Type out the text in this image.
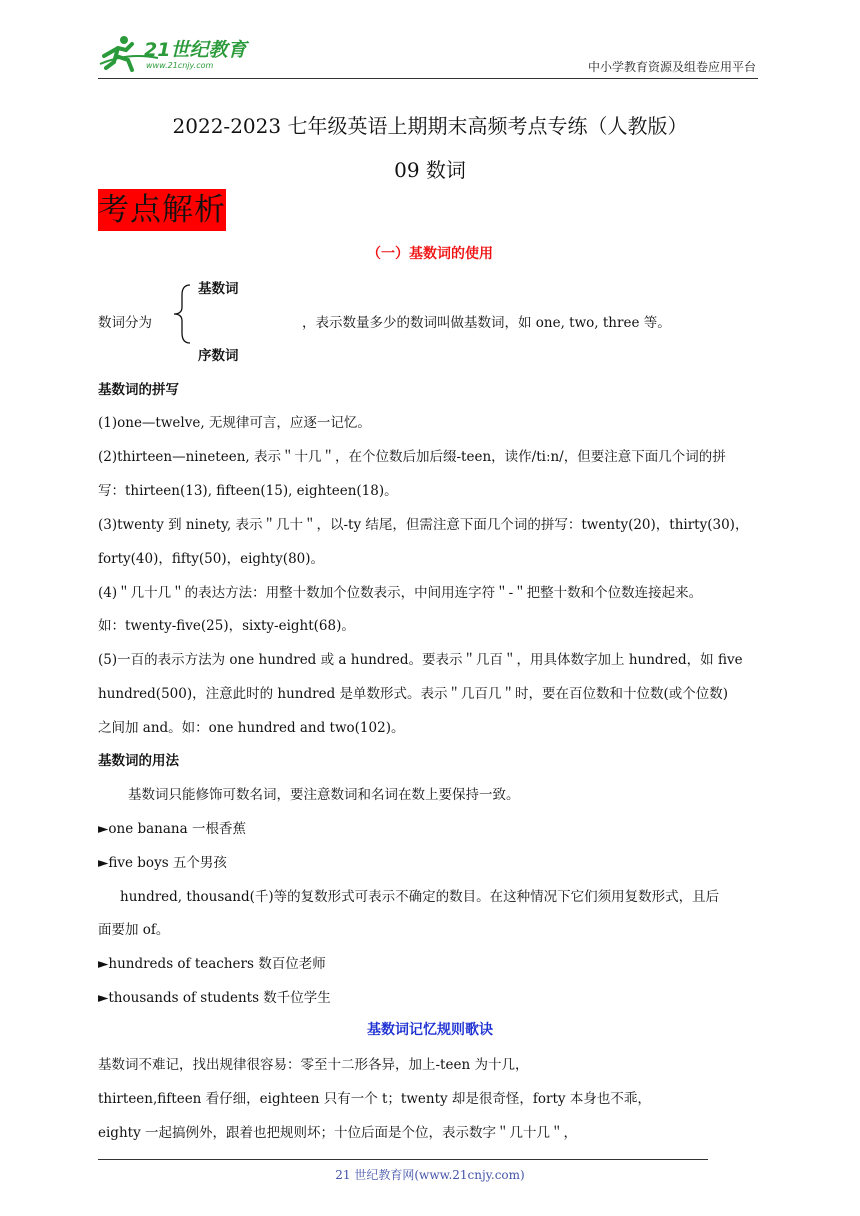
21世纪教育
www.21cnjy.com	中小学教育资源及组卷应用平台
2022-2023 七年级英语上期期末高频考点专练（人教版）
09 数词
考点解析
（一）基数词的使用
基数词
数词分为	，表示数量多少的数词叫做基数词，如 one, two, three 等。
序数词
基数词的拼写
(1)one—twelve, 无规律可言，应逐一记忆。
(2)thirteen—nineteen, 表示＂十几＂，在个位数后加后缀-teen，读作/tiːn/，但要注意下面几个词的拼
写：thirteen(13), fifteen(15), eighteen(18)。
(3)twenty 到 ninety, 表示＂几十＂，以-ty 结尾，但需注意下面几个词的拼写：twenty(20)，thirty(30)，
forty(40)，fifty(50)，eighty(80)。
(4)＂几十几＂的表达方法：用整十数加个位数表示，中间用连字符＂-＂把整十数和个位数连接起来。
如：twenty-five(25)，sixty-eight(68)。
(5)一百的表示方法为 one hundred 或 a hundred。要表示＂几百＂，用具体数字加上 hundred，如 five
hundred(500)，注意此时的 hundred 是单数形式。表示＂几百几＂时，要在百位数和十位数(或个位数)
之间加 and。如：one hundred and two(102)。
基数词的用法
基数词只能修饰可数名词，要注意数词和名词在数上要保持一致。
►one banana 一根香蕉
►five boys 五个男孩
hundred, thousand(千)等的复数形式可表示不确定的数目。在这种情况下它们须用复数形式，且后
面要加 of。
►hundreds of teachers 数百位老师
►thousands of students 数千位学生
基数词记忆规则歌诀
基数词不难记，找出规律很容易：零至十二形各异，加上-teen 为十几，
thirteen,fifteen 看仔细，eighteen 只有一个 t；twenty 却是很奇怪，forty 本身也不乖，
eighty 一起搞例外，跟着也把规则坏；十位后面是个位，表示数字＂几十几＂，
21 世纪教育网(www.21cnjy.com)
